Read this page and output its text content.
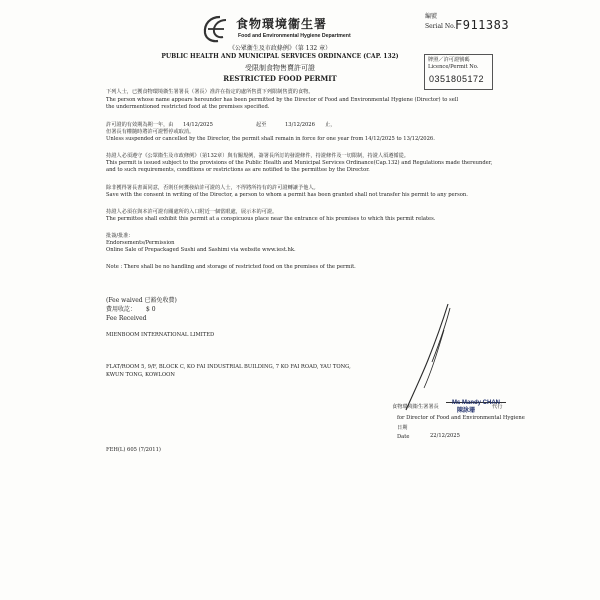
食物環境衞生署
Food and Environmental Hygiene Department
編號
Serial No. F911383
《公眾衞生及市政條例》（第 132 章）
PUBLIC HEALTH AND MUNICIPAL SERVICES ORDINANCE (CAP. 132)
受限制食物售賣許可證
RESTRICTED FOOD PERMIT
牌照／許可證號碼
Licence/Permit No.
0351805172
下列人士，已獲食物環境衞生署署長（署長）准許在指定的處所售賣下列限制售賣的食物。
The person whose name appears hereunder has been permitted by the Director of Food and Environmental Hygiene (Director) to sell
the undermentioned restricted food at the premises specified.
許可證的有效期為期一年，由 14/12/2025	起至	13/12/2026 止，
但署長有權隨時將許可證暫停或取消。
Unless suspended or cancelled by the Director, the permit shall remain in force for one year from 14/12/2025 to 13/12/2026.
持證人必須遵守《公眾衞生及市政條例》（第132章）與有關規例，簽署長所訂的發證條件，持證條件及一切限制，持證人須遵循從。
This permit is issued subject to the provisions of the Public Health and Municipal Services Ordinance(Cap.132) and Regulations made thereunder,
and to such requirements, conditions or restrictions as are notified to the permittee by the Director.
除非獲得署長書面同意，否則任何獲發給許可證的人士，不得將所持有的許可證轉讓予他人。
Save with the consent in writing of the Director, a person to whom a permit has been granted shall not transfer his permit to any person.
持證人必須在與本許可證有關處所的入口附近一個當眼處，展示本的可證。
The permittee shall exhibit this permit at a conspicuous place near the entrance of his premises to which this permit relates.
批簽/批准：
Endorsements/Permission
Online Sale of Prepackaged Sushi and Sashimi via website www.iest.hk.
Note : There shall be no handling and storage of restricted food on the premises of the permit.
(Fee waived 已豁免收費)
費用收訖： $ 0
Fee Received
MIENBOOM INTERNATIONAL LIMITED
FLAT/ROOM 5, 9/F, BLOCK C, KO FAI INDUSTRIAL BUILDING, 7 KO FAI ROAD, YAU TONG,
KWUN TONG, KOWLOON
食物環境衞生署署長
Ms Mandy CHAN
陳詠珊	代行
for Director of Food and Environmental Hygiene
日期
Date	22/12/2025
FEH(L) 605 (7/2011)
